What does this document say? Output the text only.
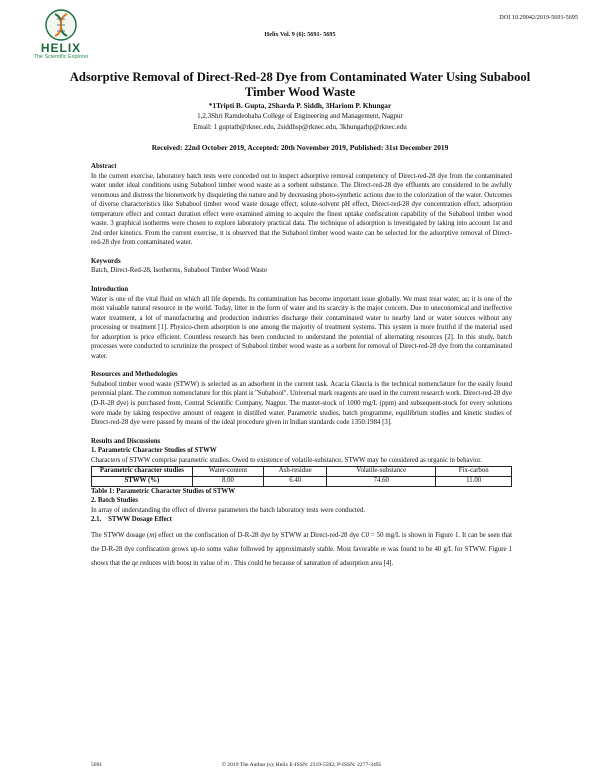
DOI 10.29042/2019-5691-5695
HELIX
The Scientific Explorer
Helix Vol. 9 (6): 5691- 5695
Adsorptive Removal of Direct-Red-28 Dye from Contaminated Water Using Subabool Timber Wood Waste
*1Tripti B. Gupta, 2Sharda P. Siddh, 3Hariom P. Khungar
1,2,3Shri Ramdeobaba College of Engineering and Management, Nagpur
Email: 1 guptatb@rknec.edu, 2siddhsp@rknec.edu, 3khungarhp@rknec.edu
Received: 22nd October 2019, Accepted: 20th November 2019, Published: 31st December 2019

Abstract

In the current exercise, laboratory batch tests were conceded out to inspect adsorptive removal competency of Direct-red-28 dye from the contaminated water under ideal conditions using Subabool timber wood waste as a sorbent substance. The Direct-red-28 dye effluents are considered to be awfully venomous and distress the bionetwork by disquieting the nature and by decreasing photo-synthetic actions due to the colorization of the water. Outcomes of diverse characteristics like Subabool timber wood waste dosage effect, solute-solvent pH effect, Direct-red-28 dye concentration effect, adsorption temperature effect and contact duration effect were examined aiming to acquire the finest uptake confiscation capability of the Subabool timber wood waste. 3 graphical isotherms were chosen to explore laboratory practical data. The technique of adsorption is investigated by taking into account 1st and 2nd order kinetics. From the current exercise, it is observed that the Subabool timber wood waste can be selected for the adsorptive removal of Direct-red-28 dye from contaminated water.

Keywords

Batch, Direct-Red-28, Isotherms, Subabool Timber Wood Waste

Introduction

Water is one of the vital fluid on which all life depends. Its contamination has become important issue globally. We must treat water, as; it is one of the most valuable natural resource in the world. Today, litter in the form of water and its scarcity is the major concern. Due to uneconomical and ineffective water treatment, a lot of manufacturing and production industries discharge their contaminated water to nearby land or water sources without any processing or treatment [1]. Physico-chem adsorption is one among the majority of treatment systems. This system is more fruitful if the material used for adsorption is price efficient. Countless research has been conducted to understand the potential of alternating resources [2]. In this study, batch processes were conducted to scrutinize the prospect of Subabool timber wood waste as a sorbent for removal of Direct-red-28 dye from the contaminated water.

Resources and Methodologies

Subabool timber wood waste (STWW) is selected as an adsorbent in the current task. Acacia Glaucia is the technical nomenclature for the easily found perennial plant. The common nomenclature for this plant is "Subabool". Universal mark reagents are used in the current research work. Direct-red-28 dye (D-R-28 dye) is purchased from, Central Scientific Company, Nagpur. The master-stock of 1000 mg/L (ppm) and subsequent-stock for every solutions were made by taking respective amount of reagent in distilled water. Parametric studies, batch programme, equilibrium studies and kinetic studies of Direct-red-28 dye were passed by means of the ideal procedure given in Indian standards code 1350:1984 [3].

Results and Discussions

1. Parametric Character Studies of STWW

Characters of STWW comprise parametric studies. Owed to existence of volatile-substance, STWW may be considered as organic in behavior.

Parametric character studies	Water-content	Ash-residue	Volatile-substance	Fix-carbon
STWW (%)	8.00	6.40	74.60	11.00

Table 1: Parametric Character Studies of STWW

2. Batch Studies

In array of understanding the effect of diverse parameters the batch laboratory tests were conducted.

2.1.    STWW Dosage Effect

The STWW dosage (m) effect on the confiscation of D-R-28 dye by STWW at Direct-red-28 dye C0 = 50 mg/L is shown in Figure 1. It can be seen that the D-R-28 dye confiscation grows up-to some value followed by approximately stable. Most favorable m was found to be 40 g/L for STWW. Figure 1 shows that the qe reduces with boost in value of m . This could be because of saturation of adsorption area [4].

5691	© 2019 The Author (s); Helix E-ISSN: 2319-5592; P-ISSN: 2277-3495
